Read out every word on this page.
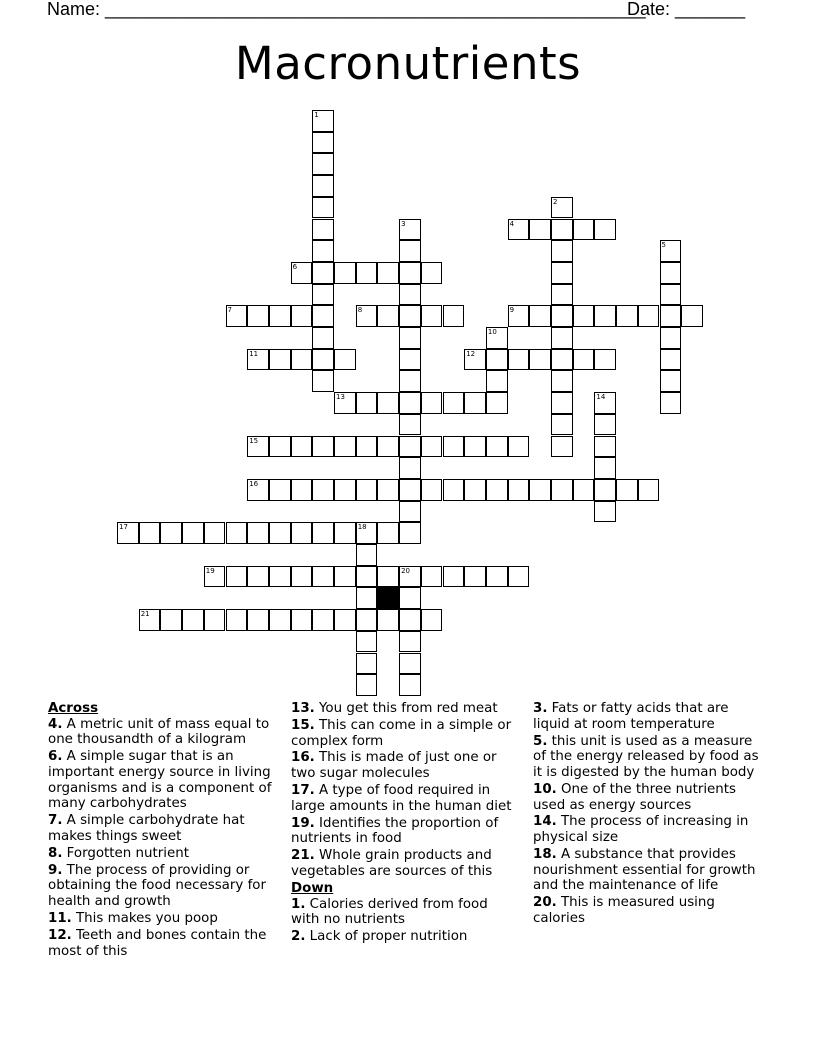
Name: ______________________________________________________
Date: _______
Macronutrients
1
2
3	4
5
6
7	8	9
10
11	12
13	14
15
16
17	18
19	20
21
Across
4. A metric unit of mass equal to one thousandth of a kilogram
6. A simple sugar that is an important energy source in living organisms and is a component of many carbohydrates
7. A simple carbohydrate hat makes things sweet
8. Forgotten nutrient
9. The process of providing or obtaining the food necessary for health and growth
11. This makes you poop
12. Teeth and bones contain the most of this
13. You get this from red meat
15. This can come in a simple or complex form
16. This is made of just one or two sugar molecules
17. A type of food required in large amounts in the human diet
19. Identifies the proportion of nutrients in food
21. Whole grain products and vegetables are sources of this
Down
1. Calories derived from food with no nutrients
2. Lack of proper nutrition
3. Fats or fatty acids that are liquid at room temperature
5. this unit is used as a measure of the energy released by food as it is digested by the human body
10. One of the three nutrients used as energy sources
14. The process of increasing in physical size
18. A substance that provides nourishment essential for growth and the maintenance of life
20. This is measured using calories
